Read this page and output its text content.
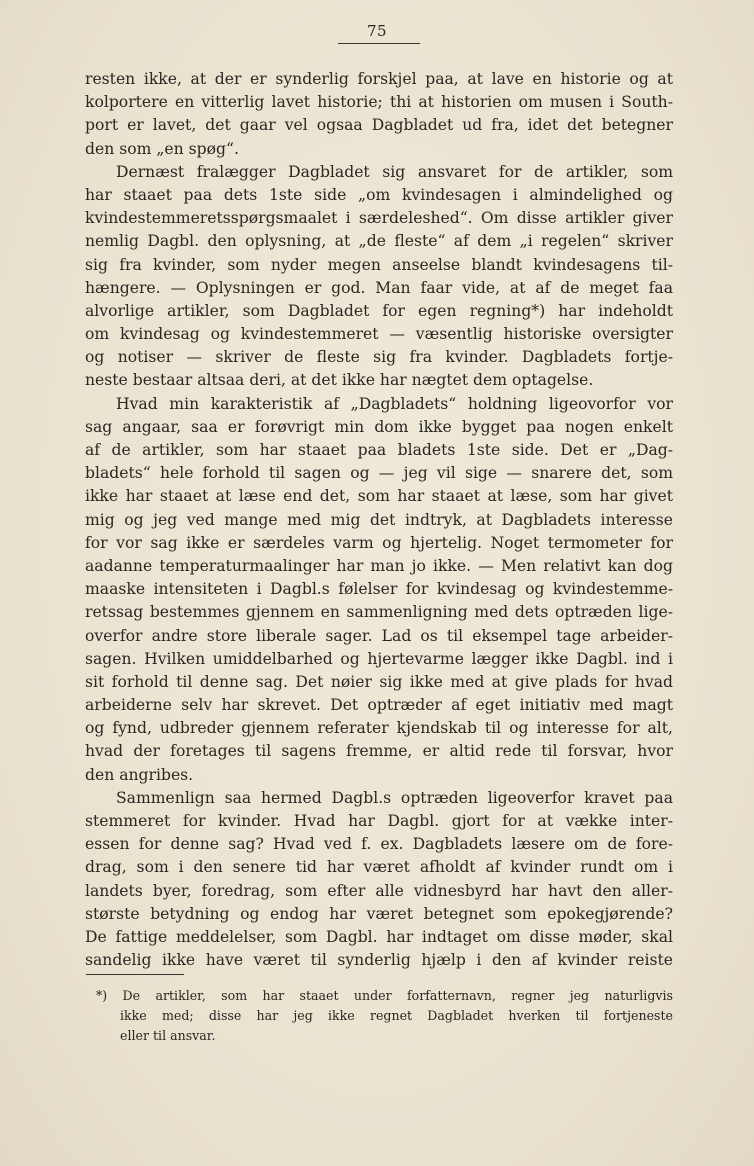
75
resten ikke, at der er synderlig forskjel paa, at lave en historie og at
kolportere en vitterlig lavet historie; thi at historien om musen i South-
port er lavet, det gaar vel ogsaa Dagbladet ud fra, idet det betegner
den som „en spøg“.
Dernæst fralægger Dagbladet sig ansvaret for de artikler, som
har staaet paa dets 1ste side „om kvindesagen i almindelighed og
kvindestemmeretsspørgsmaalet i særdeleshed“. Om disse artikler giver
nemlig Dagbl. den oplysning, at „de fleste“ af dem „i regelen“ skriver
sig fra kvinder, som nyder megen anseelse blandt kvindesagens til-
hængere. — Oplysningen er god. Man faar vide, at af de meget faa
alvorlige artikler, som Dagbladet for egen regning*) har indeholdt
om kvindesag og kvindestemmeret — væsentlig historiske oversigter
og notiser — skriver de fleste sig fra kvinder. Dagbladets fortje-
neste bestaar altsaa deri, at det ikke har nægtet dem optagelse.
Hvad min karakteristik af „Dagbladets“ holdning ligeovorfor vor
sag angaar, saa er forøvrigt min dom ikke bygget paa nogen enkelt
af de artikler, som har staaet paa bladets 1ste side. Det er „Dag-
bladets“ hele forhold til sagen og — jeg vil sige — snarere det, som
ikke har staaet at læse end det, som har staaet at læse, som har givet
mig og jeg ved mange med mig det indtryk, at Dagbladets interesse
for vor sag ikke er særdeles varm og hjertelig. Noget termometer for
aadanne temperaturmaalinger har man jo ikke. — Men relativt kan dog
maaske intensiteten i Dagbl.s følelser for kvindesag og kvindestemme-
retssag bestemmes gjennem en sammenligning med dets optræden lige-
overfor andre store liberale sager. Lad os til eksempel tage arbeider-
sagen. Hvilken umiddelbarhed og hjertevarme lægger ikke Dagbl. ind i
sit forhold til denne sag. Det nøier sig ikke med at give plads for hvad
arbeiderne selv har skrevet. Det optræder af eget initiativ med magt
og fynd, udbreder gjennem referater kjendskab til og interesse for alt,
hvad der foretages til sagens fremme, er altid rede til forsvar, hvor
den angribes.
Sammenlign saa hermed Dagbl.s optræden ligeoverfor kravet paa
stemmeret for kvinder. Hvad har Dagbl. gjort for at vække inter-
essen for denne sag? Hvad ved f. ex. Dagbladets læsere om de fore-
drag, som i den senere tid har været afholdt af kvinder rundt om i
landets byer, foredrag, som efter alle vidnesbyrd har havt den aller-
største betydning og endog har været betegnet som epokegjørende?
De fattige meddelelser, som Dagbl. har indtaget om disse møder, skal
sandelig ikke have været til synderlig hjælp i den af kvinder reiste
*) De artikler, som har staaet under forfatternavn, regner jeg naturligvis
ikke med; disse har jeg ikke regnet Dagbladet hverken til fortjeneste
eller til ansvar.
